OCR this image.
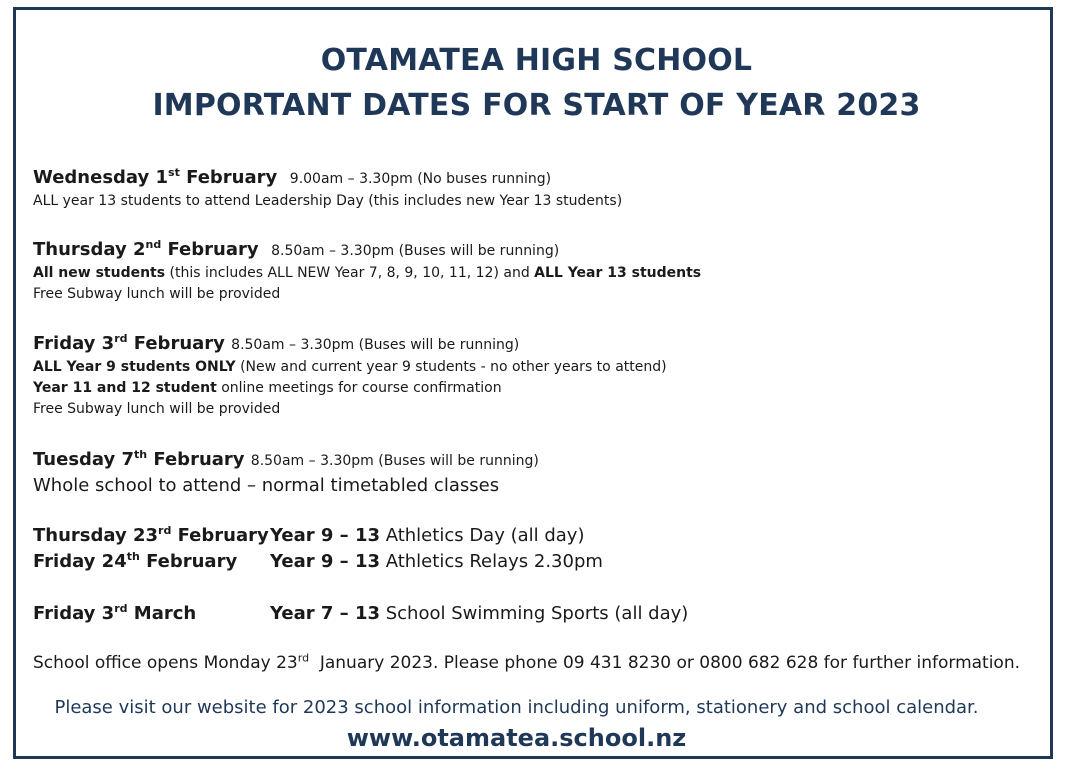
OTAMATEA HIGH SCHOOL
IMPORTANT DATES FOR START OF YEAR 2023
Wednesday 1st February 9.00am – 3.30pm (No buses running)
ALL year 13 students to attend Leadership Day (this includes new Year 13 students)
Thursday 2nd February 8.50am – 3.30pm (Buses will be running)
All new students (this includes ALL NEW Year 7, 8, 9, 10, 11, 12) and ALL Year 13 students
Free Subway lunch will be provided
Friday 3rd February 8.50am – 3.30pm (Buses will be running)
ALL Year 9 students ONLY (New and current year 9 students - no other years to attend)
Year 11 and 12 student online meetings for course confirmation
Free Subway lunch will be provided
Tuesday 7th February 8.50am – 3.30pm (Buses will be running)
Whole school to attend – normal timetabled classes
Thursday 23rd February Year 9 – 13 Athletics Day (all day)
Friday 24th February Year 9 – 13 Athletics Relays 2.30pm
Friday 3rd March	Year 7 – 13 School Swimming Sports (all day)
School office opens Monday 23rd  January 2023. Please phone 09 431 8230 or 0800 682 628 for further information.
Please visit our website for 2023 school information including uniform, stationery and school calendar.
www.otamatea.school.nz
